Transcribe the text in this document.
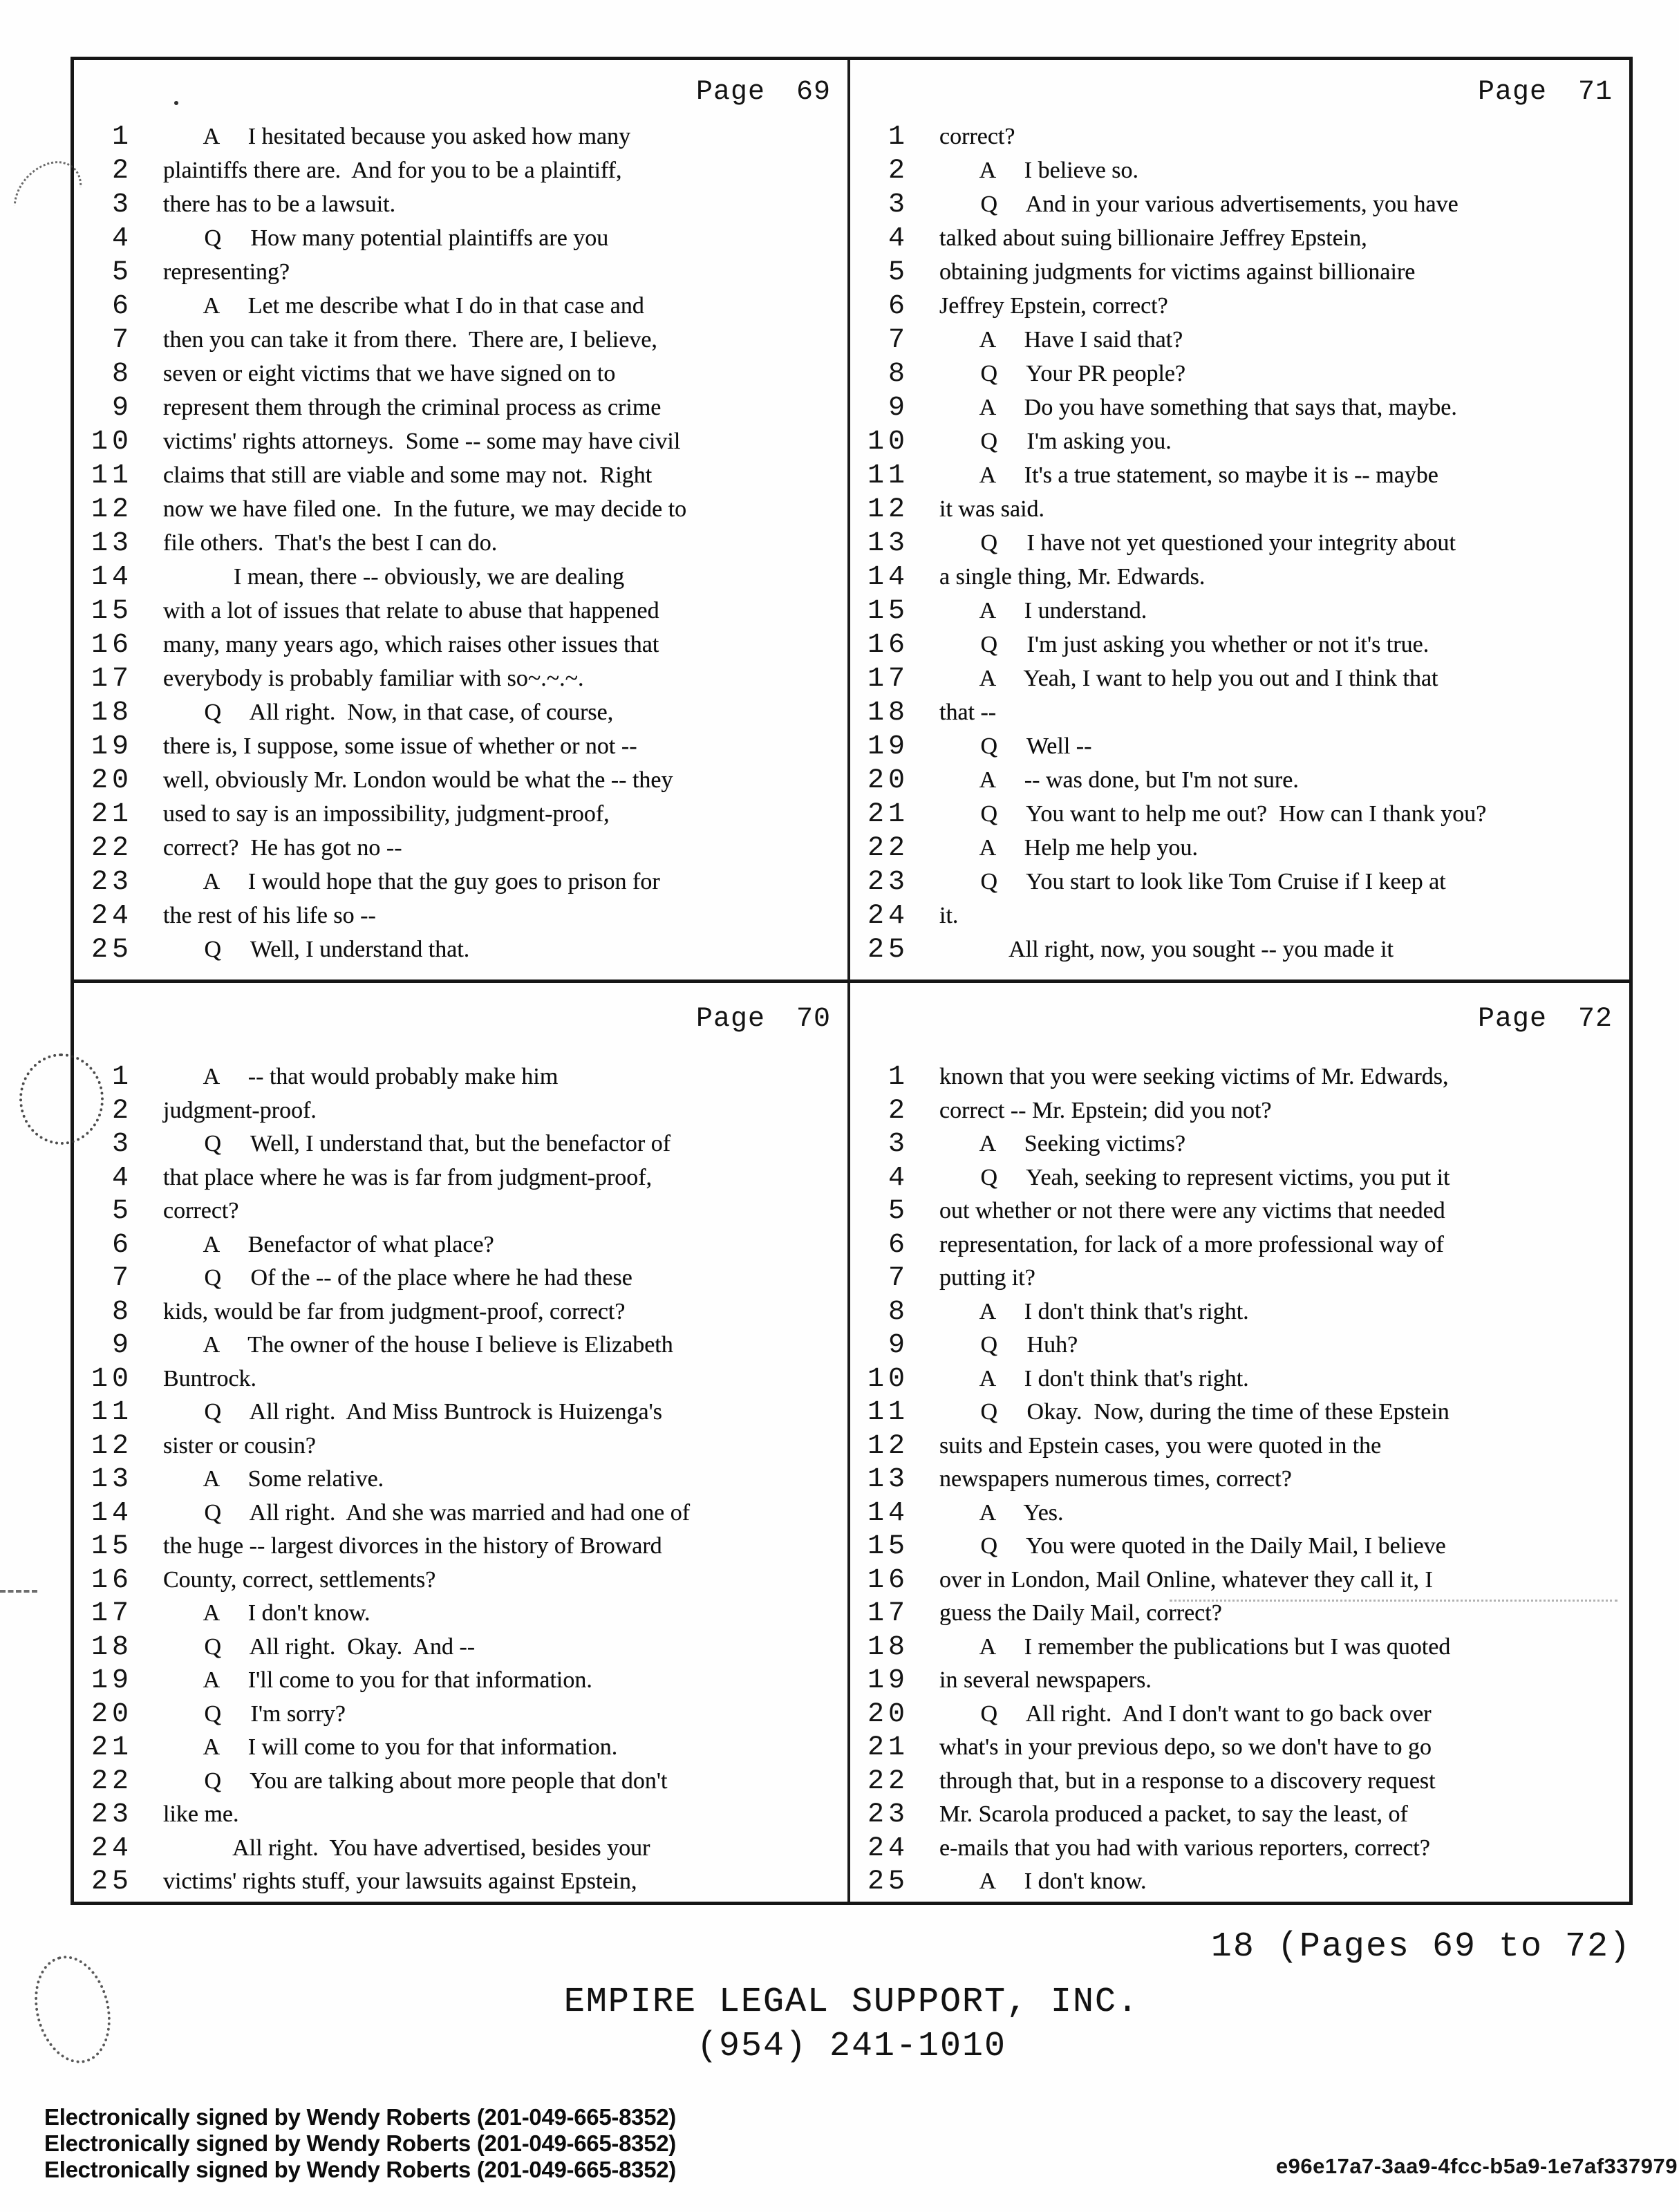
Page 69
1 A     I hesitated because you asked how many
2 plaintiffs there are.  And for you to be a plaintiff,
3 there has to be a lawsuit.
4 Q     How many potential plaintiffs are you
5 representing?
6 A     Let me describe what I do in that case and
7 then you can take it from there.  There are, I believe,
8 seven or eight victims that we have signed on to
9 represent them through the criminal process as crime
10 victims' rights attorneys.  Some -- some may have civil
11 claims that still are viable and some may not.  Right
12 now we have filed one.  In the future, we may decide to
13 file others.  That's the best I can do.
14 I mean, there -- obviously, we are dealing
15 with a lot of issues that relate to abuse that happened
16 many, many years ago, which raises other issues that
17 everybody is probably familiar with so~.~.~.
18 Q     All right.  Now, in that case, of course,
19 there is, I suppose, some issue of whether or not --
20 well, obviously Mr. London would be what the -- they
21 used to say is an impossibility, judgment-proof,
22 correct?  He has got no --
23 A     I would hope that the guy goes to prison for
24 the rest of his life so --
25 Q     Well, I understand that.
Page 71
1 correct?
2 A     I believe so.
3 Q     And in your various advertisements, you have
4 talked about suing billionaire Jeffrey Epstein,
5 obtaining judgments for victims against billionaire
6 Jeffrey Epstein, correct?
7 A     Have I said that?
8 Q     Your PR people?
9 A     Do you have something that says that, maybe.
10 Q     I'm asking you.
11 A     It's a true statement, so maybe it is -- maybe
12 it was said.
13 Q     I have not yet questioned your integrity about
14 a single thing, Mr. Edwards.
15 A     I understand.
16 Q     I'm just asking you whether or not it's true.
17 A     Yeah, I want to help you out and I think that
18 that --
19 Q     Well --
20 A     -- was done, but I'm not sure.
21 Q     You want to help me out?  How can I thank you?
22 A     Help me help you.
23 Q     You start to look like Tom Cruise if I keep at
24 it.
25 All right, now, you sought -- you made it
Page 70
1 A     -- that would probably make him
2 judgment-proof.
3 Q     Well, I understand that, but the benefactor of
4 that place where he was is far from judgment-proof,
5 correct?
6 A     Benefactor of what place?
7 Q     Of the -- of the place where he had these
8 kids, would be far from judgment-proof, correct?
9 A     The owner of the house I believe is Elizabeth
10 Buntrock.
11 Q     All right.  And Miss Buntrock is Huizenga's
12 sister or cousin?
13 A     Some relative.
14 Q     All right.  And she was married and had one of
15 the huge -- largest divorces in the history of Broward
16 County, correct, settlements?
17 A     I don't know.
18 Q     All right.  Okay.  And --
19 A     I'll come to you for that information.
20 Q     I'm sorry?
21 A     I will come to you for that information.
22 Q     You are talking about more people that don't
23 like me.
24 All right.  You have advertised, besides your
25 victims' rights stuff, your lawsuits against Epstein,
Page 72
1 known that you were seeking victims of Mr. Edwards,
2 correct -- Mr. Epstein; did you not?
3 A     Seeking victims?
4 Q     Yeah, seeking to represent victims, you put it
5 out whether or not there were any victims that needed
6 representation, for lack of a more professional way of
7 putting it?
8 A     I don't think that's right.
9 Q     Huh?
10 A     I don't think that's right.
11 Q     Okay.  Now, during the time of these Epstein
12 suits and Epstein cases, you were quoted in the
13 newspapers numerous times, correct?
14 A     Yes.
15 Q     You were quoted in the Daily Mail, I believe
16 over in London, Mail Online, whatever they call it, I
17 guess the Daily Mail, correct?
18 A     I remember the publications but I was quoted
19 in several newspapers.
20 Q     All right.  And I don't want to go back over
21 what's in your previous depo, so we don't have to go
22 through that, but in a response to a discovery request
23 Mr. Scarola produced a packet, to say the least, of
24 e-mails that you had with various reporters, correct?
25 A     I don't know.
18 (Pages 69 to 72)
EMPIRE LEGAL SUPPORT, INC.
(954) 241-1010
Electronically signed by Wendy Roberts (201-049-665-8352)
Electronically signed by Wendy Roberts (201-049-665-8352)
Electronically signed by Wendy Roberts (201-049-665-8352)	e96e17a7-3aa9-4fcc-b5a9-1e7af337979
